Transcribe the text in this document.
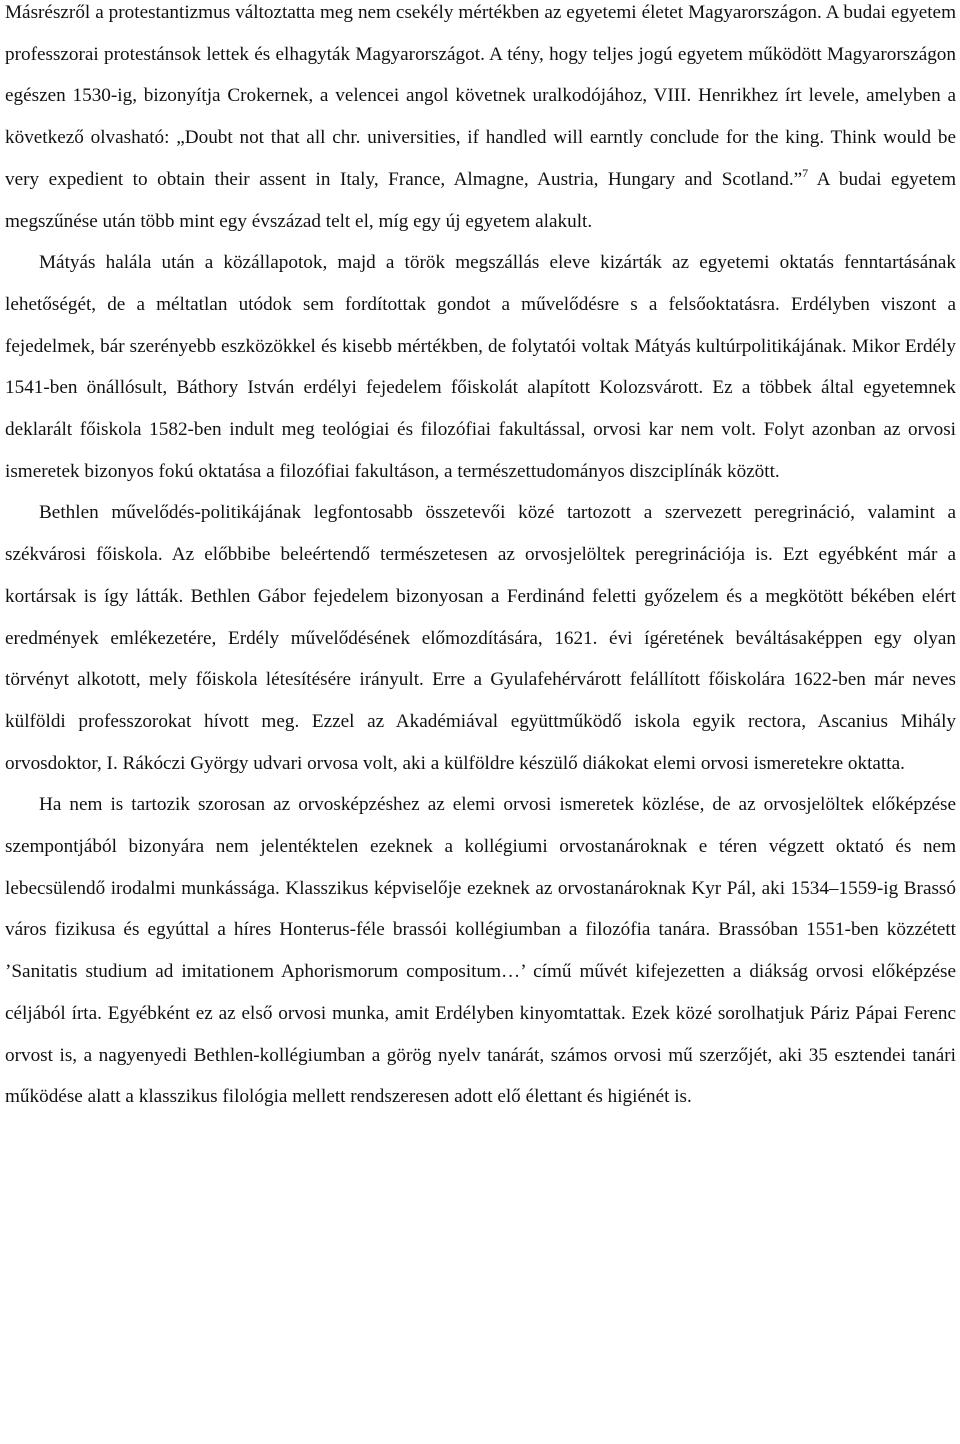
Másrészről a protestantizmus változtatta meg nem csekély mértékben az egyetemi életet Magyarországon. A budai egyetem professzorai protestánsok lettek és elhagyták Magyarországot. A tény, hogy teljes jogú egyetem működött Magyarországon egészen 1530-ig, bizonyítja Crokernek, a velencei angol követnek uralkodójához, VIII. Henrikhez írt levele, amelyben a következő olvasható: „Doubt not that all chr. universities, if handled will earntly conclude for the king. Think would be very expedient to obtain their assent in Italy, France, Almagne, Austria, Hungary and Scotland.”$^7$ A budai egyetem megszűnése után több mint egy évszázad telt el, míg egy új egyetem alakult.

Mátyás halála után a közállapotok, majd a török megszállás eleve kizárták az egyetemi oktatás fenntartásának lehetőségét, de a méltatlan utódok sem fordítottak gondot a művelődésre s a felsőoktatásra. Erdélyben viszont a fejedelmek, bár szerényebb eszközökkel és kisebb mértékben, de folytatói voltak Mátyás kultúrpolitikájának. Mikor Erdély 1541-ben önállósult, Báthory István erdélyi fejedelem főiskolát alapított Kolozsvárott. Ez a többek által egyetemnek deklarált főiskola 1582-ben indult meg teológiai és filozófiai fakultással, orvosi kar nem volt. Folyt azonban az orvosi ismeretek bizonyos fokú oktatása a filozófiai fakultáson, a természettudományos diszciplínák között.

Bethlen művelődés-politikájának legfontosabb összetevői közé tartozott a szervezett peregrináció, valamint a székvárosi főiskola. Az előbbibe beleértendő természetesen az orvosjelöltek peregrinációja is. Ezt egyébként már a kortársak is így látták. Bethlen Gábor fejedelem bizonyosan a Ferdinánd feletti győzelem és a megkötött békében elért eredmények emlékezetére, Erdély művelődésének előmozdítására, 1621. évi ígéretének beváltásaképpen egy olyan törvényt alkotott, mely főiskola létesítésére irányult. Erre a Gyulafehérvárott felállított főiskolára 1622-ben már neves külföldi professzorokat hívott meg. Ezzel az Akadémiával együttműködő iskola egyik rectora, Ascanius Mihály orvosdoktor, I. Rákóczi György udvari orvosa volt, aki a külföldre készülő diákokat elemi orvosi ismeretekre oktatta.

Ha nem is tartozik szorosan az orvosképzéshez az elemi orvosi ismeretek közlése, de az orvosjelöltek előképzése szempontjából bizonyára nem jelentéktelen ezeknek a kollégiumi orvostanároknak e téren végzett oktató és nem lebecsülendő irodalmi munkássága. Klasszikus képviselője ezeknek az orvostanároknak Kyr Pál, aki 1534–1559-ig Brassó város fizikusa és egyúttal a híres Honterus-féle brassói kollégiumban a filozófia tanára. Brassóban 1551-ben közzétett ’Sanitatis studium ad imitationem Aphorismorum compositum…’ című művét kifejezetten a diákság orvosi előképzése céljából írta. Egyébként ez az első orvosi munka, amit Erdélyben kinyomtattak. Ezek közé sorolhatjuk Páriz Pápai Ferenc orvost is, a nagyenyedi Bethlen-kollégiumban a görög nyelv tanárát, számos orvosi mű szerzőjét, aki 35 esztendei tanári működése alatt a klasszikus filológia mellett rendszeresen adott elő élettant és higiénét is.
